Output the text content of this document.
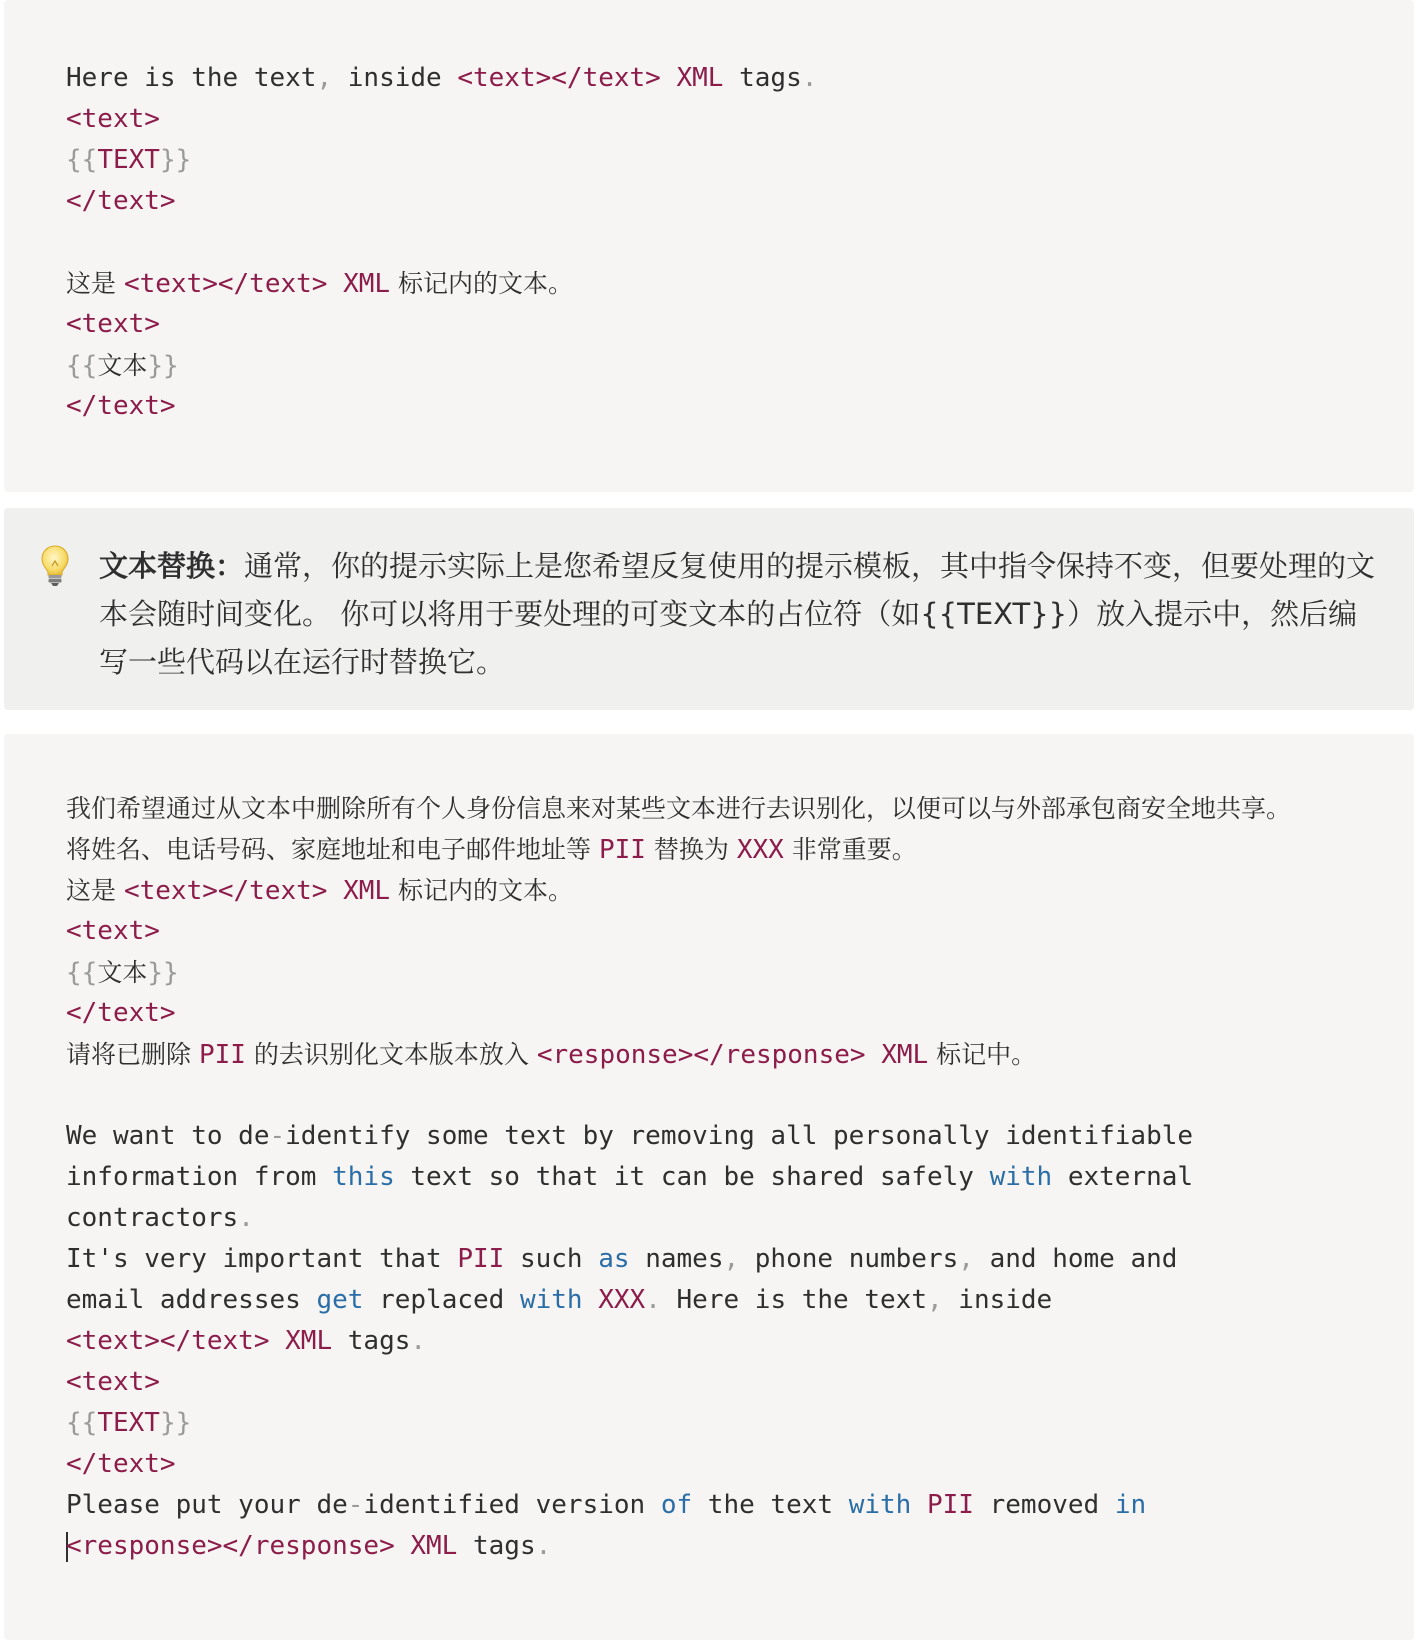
Here is the text, inside <text></text> XML tags.
<text>
{{TEXT}}
</text>
这是 <text></text> XML 标记内的文本。
<text>
{{文本}}
</text>
文本替换：通常，你的提示实际上是您希望反复使用的提示模板，其中指令保持不变，但要处理的文本会随时间变化。 你可以将用于要处理的可变文本的占位符（如{{TEXT}}）放入提示中，然后编写一些代码以在运行时替换它。
我们希望通过从文本中删除所有个人身份信息来对某些文本进行去识别化，以便可以与外部承包商安全地共享。
将姓名、电话号码、家庭地址和电子邮件地址等 PII 替换为 XXX 非常重要。
这是 <text></text> XML 标记内的文本。
<text>
{{文本}}
</text>
请将已删除 PII 的去识别化文本版本放入 <response></response> XML 标记中。
We want to de-identify some text by removing all personally identifiable
information from this text so that it can be shared safely with external
contractors.
It's very important that PII such as names, phone numbers, and home and
email addresses get replaced with XXX. Here is the text, inside
<text></text> XML tags.
<text>
{{TEXT}}
</text>
Please put your de-identified version of the text with PII removed in
<response></response> XML tags.
